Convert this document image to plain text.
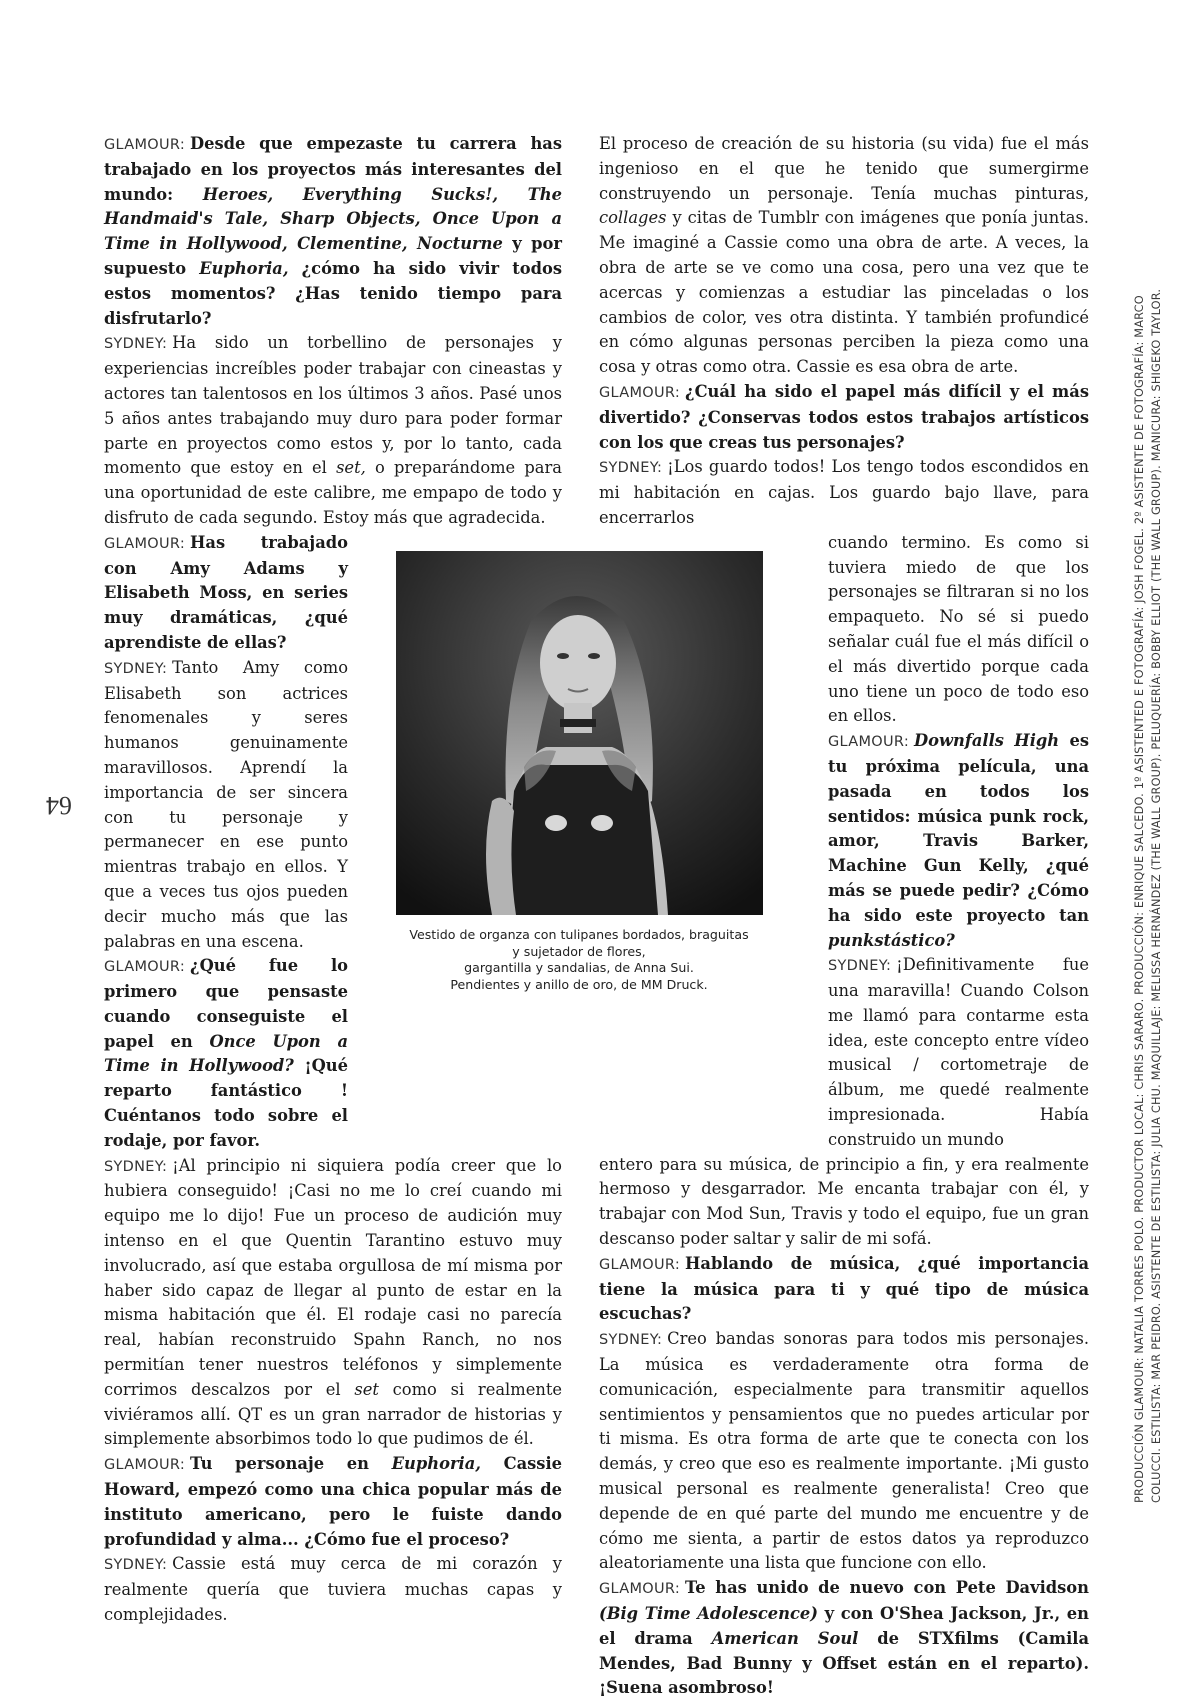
64

GLAMOUR: Desde que empezaste tu carrera has trabajado en los proyectos más interesantes del mundo: Heroes, Everything Sucks!, The Handmaid's Tale, Sharp Objects, Once Upon a Time in Hollywood, Clementine, Nocturne y por supuesto Euphoria, ¿cómo ha sido vivir todos estos momentos? ¿Has tenido tiempo para disfrutarlo?

SYDNEY: Ha sido un torbellino de personajes y experiencias increíbles poder trabajar con cineastas y actores tan talentosos en los últimos 3 años. Pasé unos 5 años antes trabajando muy duro para poder formar parte en proyectos como estos y, por lo tanto, cada momento que estoy en el set, o preparándome para una oportunidad de este calibre, me empapo de todo y disfruto de cada segundo. Estoy más que agradecida.

GLAMOUR: Has trabajado con Amy Adams y Elisabeth Moss, en series muy dramáticas, ¿qué aprendiste de ellas?

SYDNEY: Tanto Amy como Elisabeth son actrices fenomenales y seres humanos genuinamente maravillosos. Aprendí la importancia de ser sincera con tu personaje y permanecer en ese punto mientras trabajo en ellos. Y que a veces tus ojos pueden decir mucho más que las palabras en una escena.

GLAMOUR: ¿Qué fue lo primero que pensaste cuando conseguiste el papel en Once Upon a Time in Hollywood? ¡Qué reparto fantástico ! Cuéntanos todo sobre el rodaje, por favor.

SYDNEY: ¡Al principio ni siquiera podía creer que lo hubiera conseguido! ¡Casi no me lo creí cuando mi equipo me lo dijo! Fue un proceso de audición muy intenso en el que Quentin Tarantino estuvo muy involucrado, así que estaba orgullosa de mí misma por haber sido capaz de llegar al punto de estar en la misma habitación que él. El rodaje casi no parecía real, habían reconstruido Spahn Ranch, no nos permitían tener nuestros teléfonos y simplemente corrimos descalzos por el set como si realmente viviéramos allí. QT es un gran narrador de historias y simplemente absorbimos todo lo que pudimos de él.

GLAMOUR: Tu personaje en Euphoria, Cassie Howard, empezó como una chica popular más de instituto americano, pero le fuiste dando profundidad y alma... ¿Cómo fue el proceso?

SYDNEY: Cassie está muy cerca de mi corazón y realmente quería que tuviera muchas capas y complejidades.

El proceso de creación de su historia (su vida) fue el más ingenioso en el que he tenido que sumergirme construyendo un personaje. Tenía muchas pinturas, collages y citas de Tumblr con imágenes que ponía juntas. Me imaginé a Cassie como una obra de arte. A veces, la obra de arte se ve como una cosa, pero una vez que te acercas y comienzas a estudiar las pinceladas o los cambios de color, ves otra distinta. Y también profundicé en cómo algunas personas perciben la pieza como una cosa y otras como otra. Cassie es esa obra de arte.

GLAMOUR: ¿Cuál ha sido el papel más difícil y el más divertido? ¿Conservas todos estos trabajos artísticos con los que creas tus personajes?

SYDNEY: ¡Los guardo todos! Los tengo todos escondidos en mi habitación en cajas. Los guardo bajo llave, para encerrarlos

cuando termino. Es como si tuviera miedo de que los personajes se filtraran si no los empaqueto. No sé si puedo señalar cuál fue el más difícil o el más divertido porque cada uno tiene un poco de todo eso en ellos.

GLAMOUR: Downfalls High es tu próxima película, una pasada en todos los sentidos: música punk rock, amor, Travis Barker, Machine Gun Kelly, ¿qué más se puede pedir? ¿Cómo ha sido este proyecto tan punkstástico?

SYDNEY: ¡Definitivamente fue una maravilla! Cuando Colson me llamó para contarme esta idea, este concepto entre vídeo musical / cortometraje de álbum, me quedé realmente impresionada. Había construido un mundo

entero para su música, de principio a fin, y era realmente hermoso y desgarrador. Me encanta trabajar con él, y trabajar con Mod Sun, Travis y todo el equipo, fue un gran descanso poder saltar y salir de mi sofá.

GLAMOUR: Hablando de música, ¿qué importancia tiene la música para ti y qué tipo de música escuchas?

SYDNEY: Creo bandas sonoras para todos mis personajes. La música es verdaderamente otra forma de comunicación, especialmente para transmitir aquellos sentimientos y pensamientos que no puedes articular por ti misma. Es otra forma de arte que te conecta con los demás, y creo que eso es realmente importante. ¡Mi gusto musical personal es realmente generalista! Creo que depende de en qué parte del mundo me encuentre y de cómo me sienta, a partir de estos datos ya reproduzco aleatoriamente una lista que funcione con ello.

GLAMOUR: Te has unido de nuevo con Pete Davidson (Big Time Adolescence) y con O'Shea Jackson, Jr., en el drama American Soul de STXfilms (Camila Mendes, Bad Bunny y Offset están en el reparto). ¡Suena asombroso!

Vestido de organza con tulipanes bordados, braguitas y sujetador de flores,
gargantilla y sandalias, de Anna Sui.
Pendientes y anillo de oro, de MM Druck.	PRODUCCIÓN GLAMOUR: NATALIA TORRES POLO. PRODUCTOR LOCAL: CHRIS SARARO. PRODUCCIÓN: ENRIQUE SALCEDO. 1º ASISTENTED E FOTOGRAFÍA: JOSH FOGEL. 2º ASISTENTE DE FOTOGRAFÍA: MARCO COLUCCI. ESTILISTA: MAR PEIDRO. ASISTENTE DE ESTILISTA: JULIA CHU. MAQUILLAJE: MELISSA HERNÁNDEZ (THE WALL GROUP). PELUQUERÍA: BOBBY ELLIOT (THE WALL GROUP). MANICURA: SHIGEKO TAYLOR.
